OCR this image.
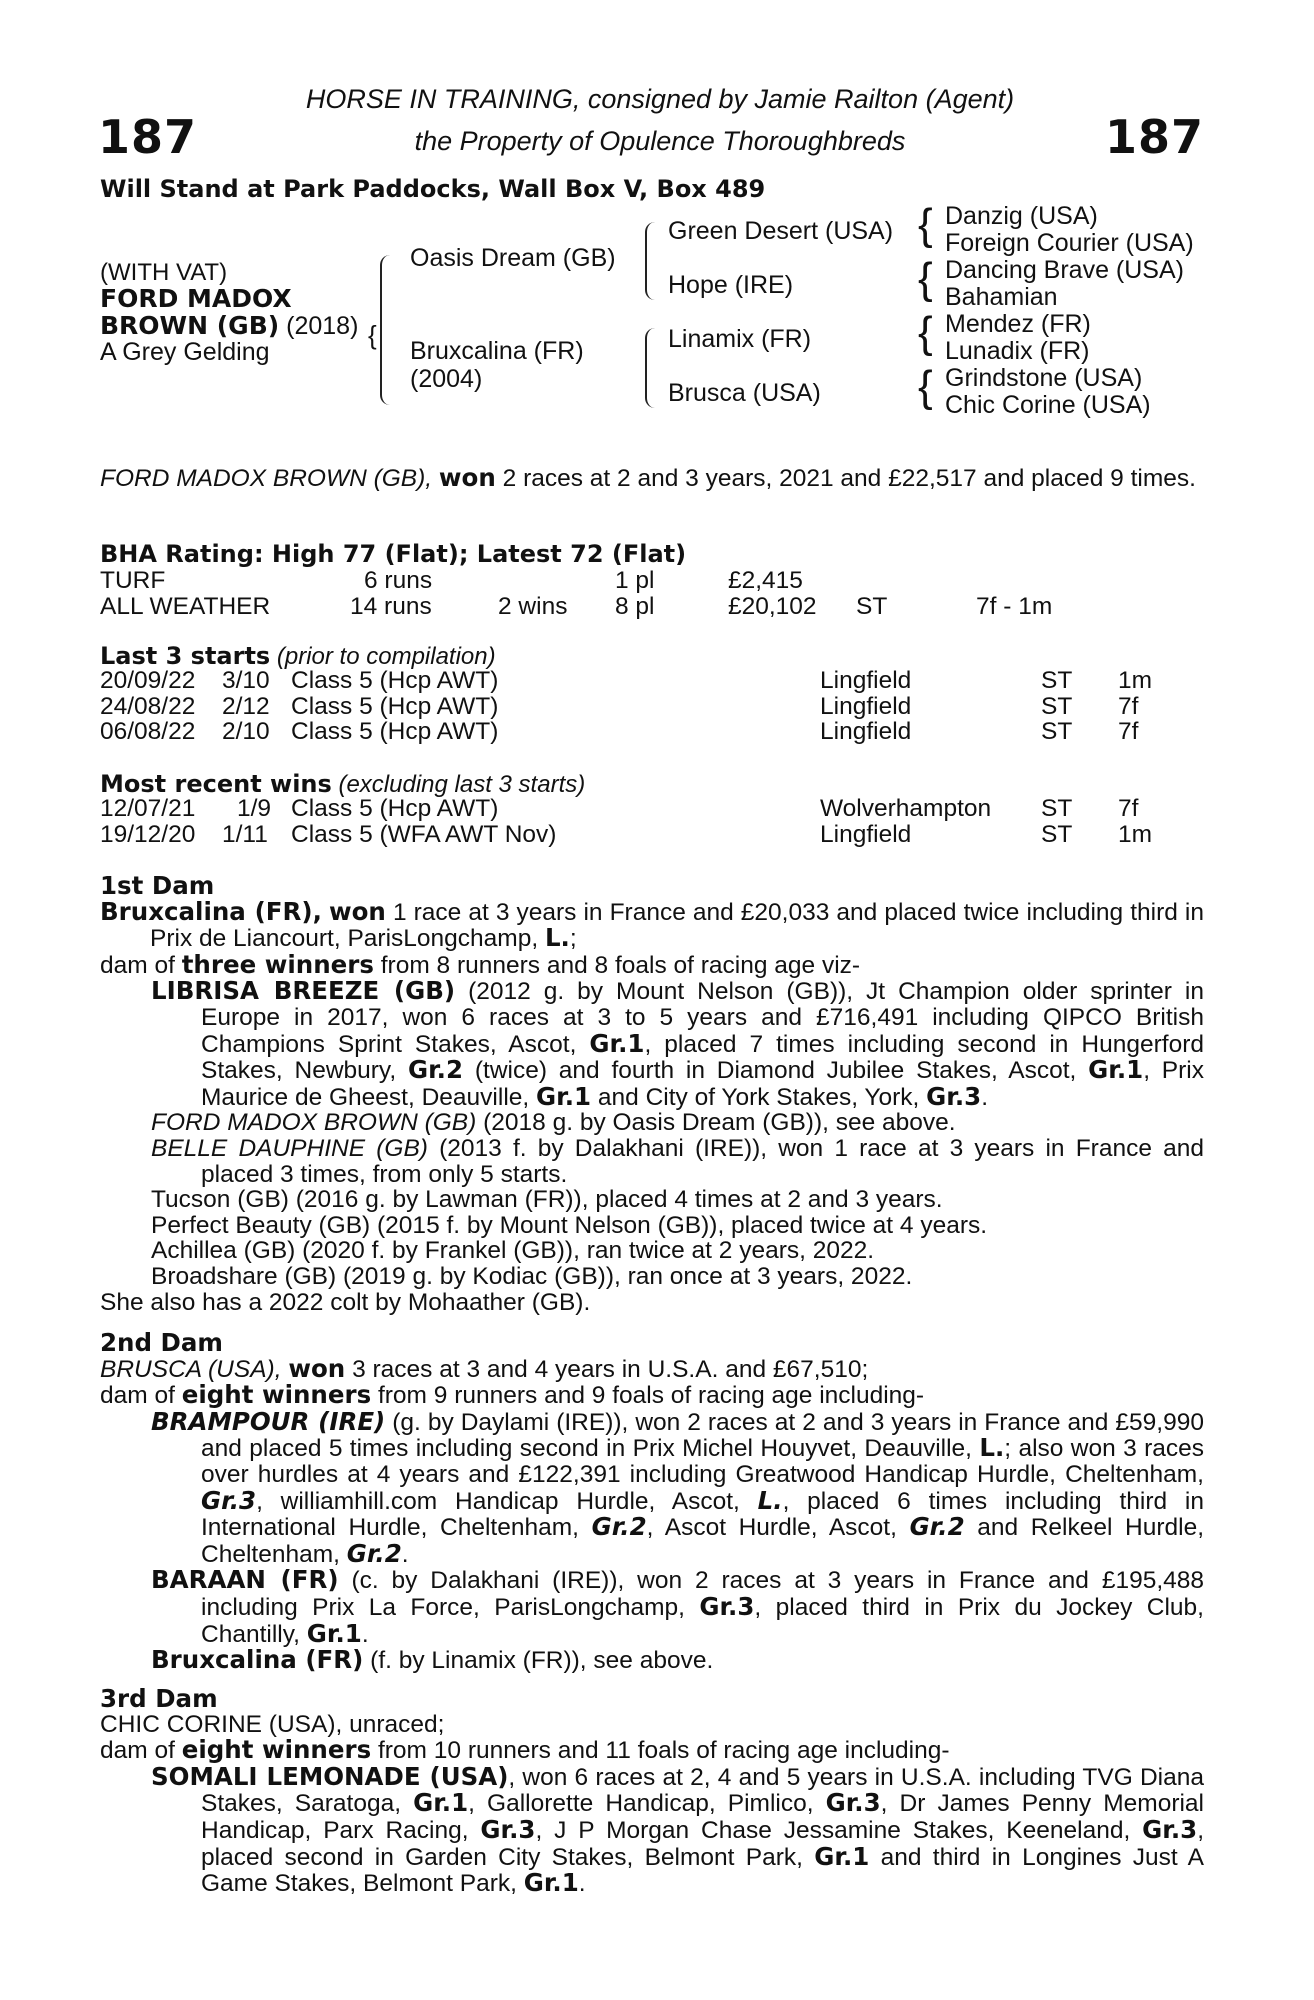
187	187
HORSE IN TRAINING, consigned by Jamie Railton (Agent)
the Property of Opulence Thoroughbreds
Will Stand at Park Paddocks, Wall Box V, Box 489
(WITH VAT)
FORD MADOX
BROWN (GB) (2018)
A Grey Gelding
{
Oasis Dream (GB)
Bruxcalina (FR)
(2004)
Green Desert (USA)
Hope (IRE)
Linamix (FR)
Brusca (USA)
{
{
{
{
Danzig (USA)
Foreign Courier (USA)
Dancing Brave (USA)
Bahamian
Mendez (FR)
Lunadix (FR)
Grindstone (USA)
Chic Corine (USA)
FORD MADOX BROWN (GB), won 2 races at 2 and 3 years, 2021 and £22,517 and placed 9 times.
BHA Rating: High 77 (Flat); Latest 72 (Flat)
TURF	6 runs	1 pl	£2,415
ALL WEATHER	14 runs	2 wins 8 pl	£20,102 ST	7f - 1m
Last 3 starts (prior to compilation)
20/09/22 3/10 Class 5 (Hcp AWT)	Lingfield	ST 1m
24/08/22 2/12 Class 5 (Hcp AWT)	Lingfield	ST 7f
06/08/22 2/10 Class 5 (Hcp AWT)	Lingfield	ST 7f
Most recent wins (excluding last 3 starts)
12/07/21 1/9 Class 5 (Hcp AWT)	Wolverhampton ST 7f
19/12/20 1/11 Class 5 (WFA AWT Nov)	Lingfield	ST 1m
1st Dam
Bruxcalina (FR), won 1 race at 3 years in France and £20,033 and placed twice including third in Prix de Liancourt, ParisLongchamp, L.;
dam of three winners from 8 runners and 8 foals of racing age viz-
LIBRISA BREEZE (GB) (2012 g. by Mount Nelson (GB)), Jt Champion older sprinter in Europe in 2017, won 6 races at 3 to 5 years and £716,491 including QIPCO British Champions Sprint Stakes, Ascot, Gr.1, placed 7 times including second in Hungerford Stakes, Newbury, Gr.2 (twice) and fourth in Diamond Jubilee Stakes, Ascot, Gr.1, Prix Maurice de Gheest, Deauville, Gr.1 and City of York Stakes, York, Gr.3.
FORD MADOX BROWN (GB) (2018 g. by Oasis Dream (GB)), see above.
BELLE DAUPHINE (GB) (2013 f. by Dalakhani (IRE)), won 1 race at 3 years in France and placed 3 times, from only 5 starts.
Tucson (GB) (2016 g. by Lawman (FR)), placed 4 times at 2 and 3 years.
Perfect Beauty (GB) (2015 f. by Mount Nelson (GB)), placed twice at 4 years.
Achillea (GB) (2020 f. by Frankel (GB)), ran twice at 2 years, 2022.
Broadshare (GB) (2019 g. by Kodiac (GB)), ran once at 3 years, 2022.
She also has a 2022 colt by Mohaather (GB).
2nd Dam
BRUSCA (USA), won 3 races at 3 and 4 years in U.S.A. and £67,510;
dam of eight winners from 9 runners and 9 foals of racing age including-
BRAMPOUR (IRE) (g. by Daylami (IRE)), won 2 races at 2 and 3 years in France and £59,990 and placed 5 times including second in Prix Michel Houyvet, Deauville, L.; also won 3 races over hurdles at 4 years and £122,391 including Greatwood Handicap Hurdle, Cheltenham, Gr.3, williamhill.com Handicap Hurdle, Ascot, L., placed 6 times including third in International Hurdle, Cheltenham, Gr.2, Ascot Hurdle, Ascot, Gr.2 and Relkeel Hurdle, Cheltenham, Gr.2.
BARAAN (FR) (c. by Dalakhani (IRE)), won 2 races at 3 years in France and £195,488 including Prix La Force, ParisLongchamp, Gr.3, placed third in Prix du Jockey Club, Chantilly, Gr.1.
Bruxcalina (FR) (f. by Linamix (FR)), see above.
3rd Dam
CHIC CORINE (USA), unraced;
dam of eight winners from 10 runners and 11 foals of racing age including-
SOMALI LEMONADE (USA), won 6 races at 2, 4 and 5 years in U.S.A. including TVG Diana Stakes, Saratoga, Gr.1, Gallorette Handicap, Pimlico, Gr.3, Dr James Penny Memorial Handicap, Parx Racing, Gr.3, J P Morgan Chase Jessamine Stakes, Keeneland, Gr.3, placed second in Garden City Stakes, Belmont Park, Gr.1 and third in Longines Just A Game Stakes, Belmont Park, Gr.1.
